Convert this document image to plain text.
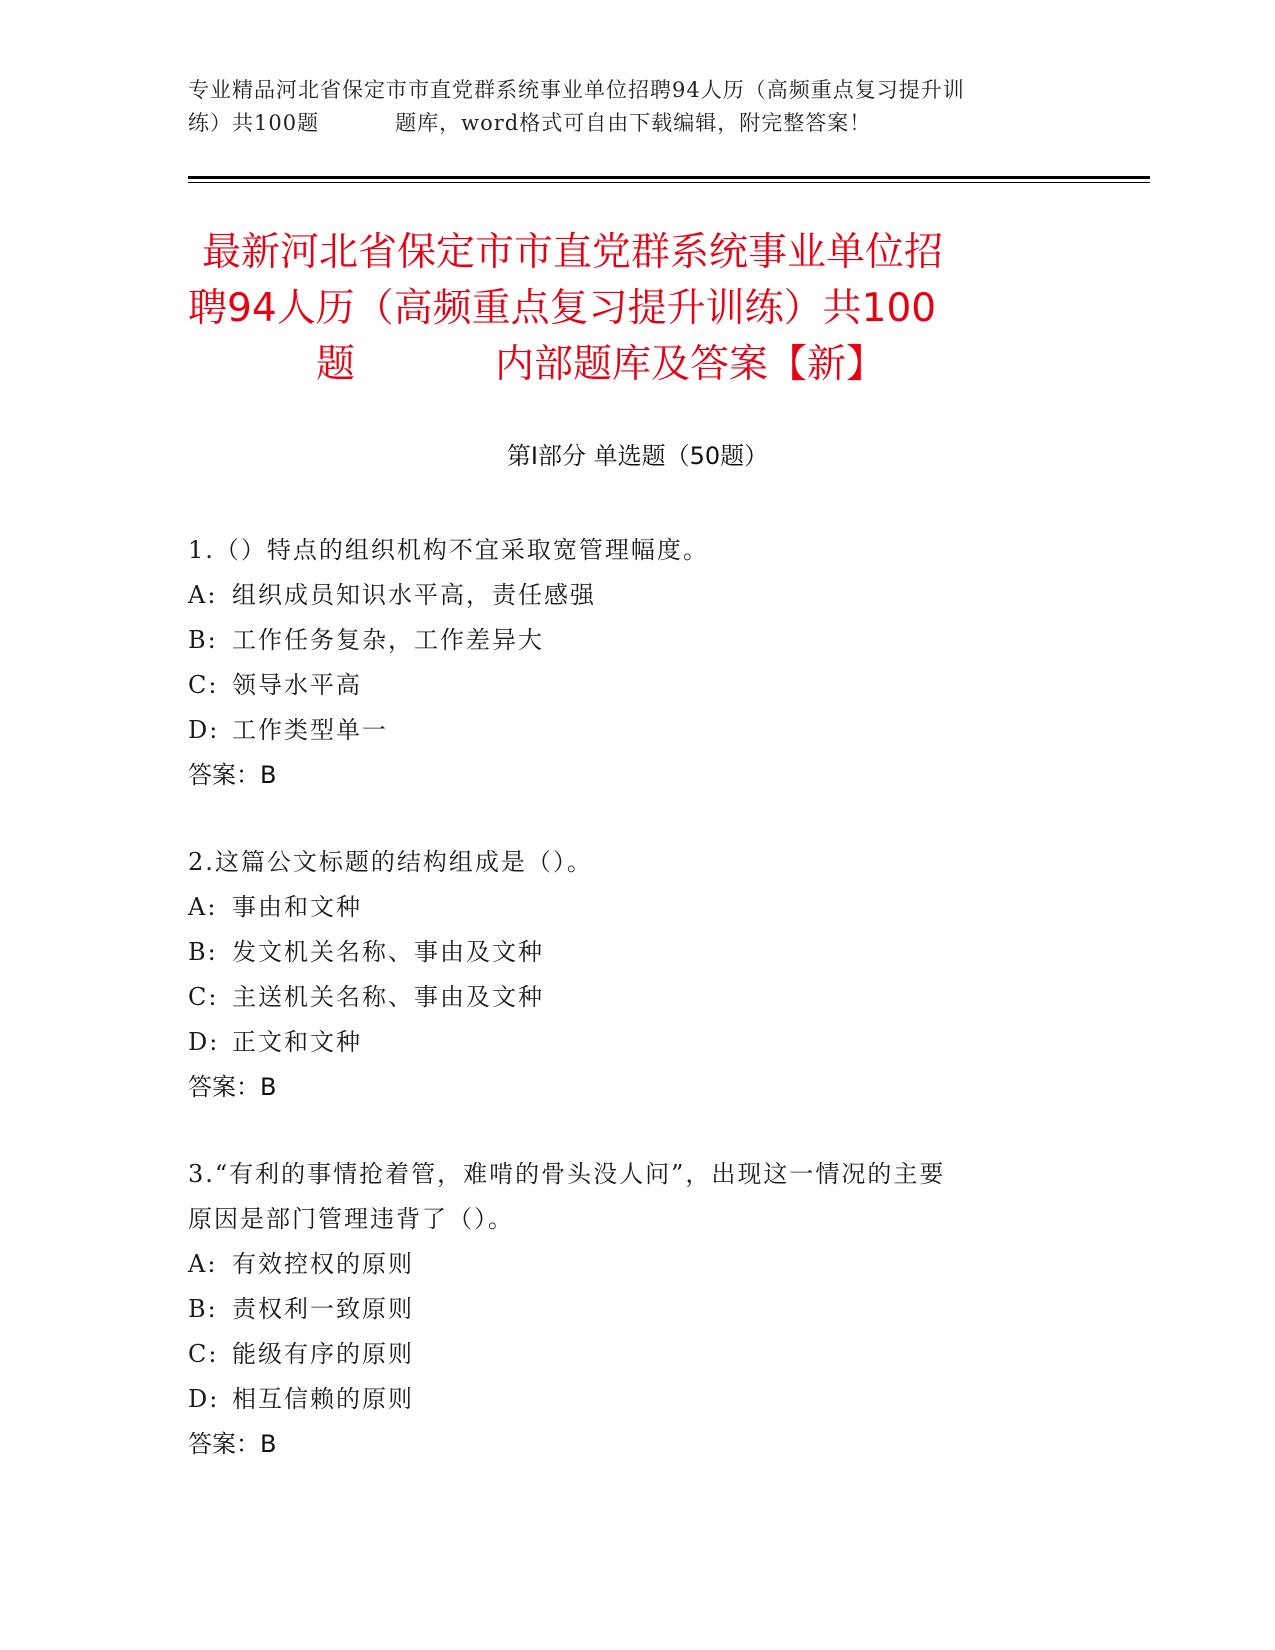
专业精品河北省保定市市直党群系统事业单位招聘94人历（高频重点复习提升训
练）共100题	题库，word格式可自由下载编辑，附完整答案！
最新河北省保定市市直党群系统事业单位招
聘94人历（高频重点复习提升训练）共100
题	内部题库及答案【新】
第Ⅰ部分 单选题（50题）
1.（）特点的组织机构不宜采取宽管理幅度。
A: 组织成员知识水平高，责任感强
B: 工作任务复杂，工作差异大
C: 领导水平高
D: 工作类型单一
答案：B
2.这篇公文标题的结构组成是（）。
A: 事由和文种
B: 发文机关名称、事由及文种
C: 主送机关名称、事由及文种
D: 正文和文种
答案：B
3.“有利的事情抢着管，难啃的骨头没人问”，出现这一情况的主要
原因是部门管理违背了（）。
A: 有效控权的原则
B: 责权利一致原则
C: 能级有序的原则
D: 相互信赖的原则
答案：B
